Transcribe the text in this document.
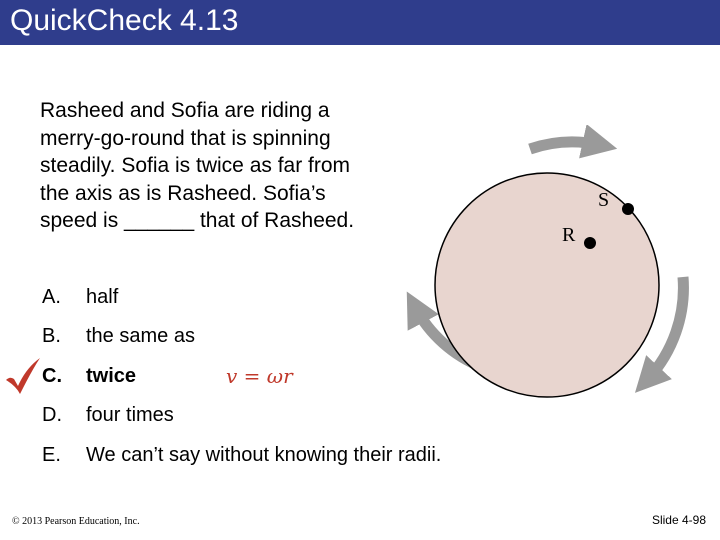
QuickCheck 4.13
Rasheed and Sofia are riding a
merry-go-round that is spinning
steadily. Sofia is twice as far from
the axis as is Rasheed. Sofia’s
speed is ______ that of Rasheed.
A. half
B. the same as
C. twice
D. four times
E. We can’t say without knowing their radii.
v = ωr
S
R
© 2013 Pearson Education, Inc.	Slide 4-98
